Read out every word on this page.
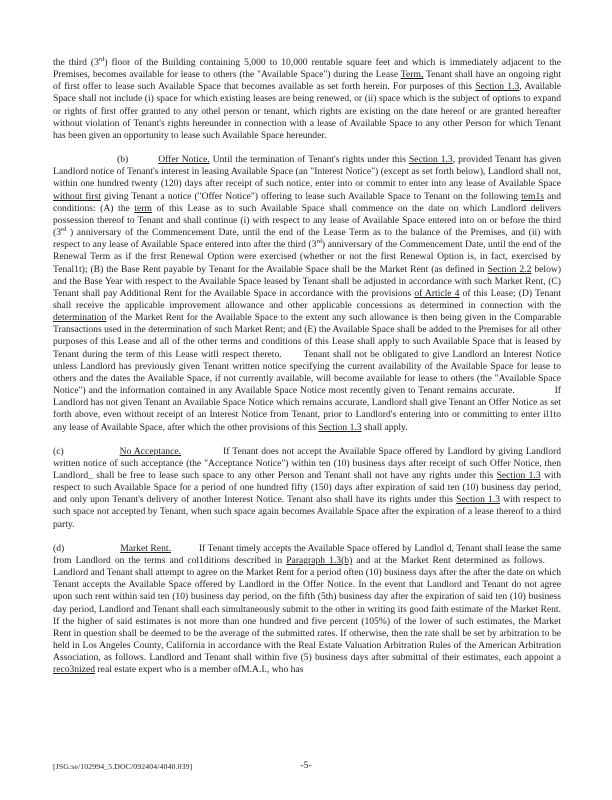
the third (3rd) floor of the Building containing 5,000 to 10,000 rentable square feet and which is immediately adjacent to the Premises, becomes available for lease to others (the "Available Space") during the Lease Term, Tenant shall have an ongoing right of first offer to lease such Available Space that becomes available as set forth herein. For purposes of this Section 1.3, Available Space shall not include (i) space for which existing leases are being renewed, or (ii) space which is the subject of options to expand or rights of first offer granted to any othel person or tenant, which rights are existing on the date hereof or are granted hereafter without violation of Tenant's rights hereunder in connection with a lease of Available Space to any other Person for which Tenant has been given an opportunity to lease such Available Space hereunder.

(b)	Offer Notice. Until the termination of Tenant's rights under this Section 1.3, provided Tenant has given Landlord notice of Tenant's interest in leasing Available Space (an "Interest Notice") (except as set forth below), Landlord shall not, within one hundred twenty (120) days after receipt of such notice, enter into or commit to enter into any lease of Available Space without first giving Tenant a notice ("Offer Notice") offering to lease such Available Space to Tenant on the following tem1s and conditions: (A) the term of this Lease as to such Available Space shall commence on the date on which Landlord delivers possession thereof to Tenant and shall continue (i) with respect to any lease of Available Space entered into on or before the third (3rd ) anniversary of the Commencement Date, until the end of the Lease Term as to the balance of the Premises, and (ii) with respect to any lease of Available Space entered into after the third (3rd) anniversary of the Commencement Date, until the end of the Renewal Term as if the frrst Renewal Option were exercised (whether or not the first Renewal Option is, in fact, exercised by Tenal1t); (B) the Base Rent payable by Tenant for the Available Space shall be the Market Rent (as defined in Section 2.2 below) and the Base Year with respect to the Available Space leased by Tenant shall be adjusted in accordance with such Market Rent, (C) Tenant shall pay Additional Rent for the Available Space in accordance with the provisions of Article 4 of this Lease; (D) Tenant shall receive the applicable improvement allowance and other applicable concessions as determined in connection with the determination of the Market Rent for the Available Space to the extent any such allowance is then being given in the Comparable Transactions used in the determination of such Market Rent; and (E) the Available Space shall be added to the Premises for all other purposes of this Lease and all of the other terms and conditions of this Lease shall apply to such Available Space that is leased by Tenant during the term of this Lease witll respect thereto. Tenant shall not be obligated to give Landlord an Interest Notice unless Landlord has previously given Tenant written notice specifying the current availability of the Available Space for lease to others and the dates the Available Space, if not currently available, will become available for lease to others (the "Available Space Notice") and the information contained in any Available Space Notice most recently given to Tenant remains accurate.	If Landlord has not given Tenant an Available Space Notice which remains accurate, Landlord shall give Tenant an Offer Notice as set forth above, even without receipt of an Interest Notice from Tenant, prior to Landlord's entering into or committing to enter il1to any lease of Available Space, after which the other provisions of this Section 1.3 shall apply.

(c)	No Acceptance.	If Tenant does not accept the Available Space offered by Landlord by giving Landlord written notice of such acceptance (the "Acceptance Notice") within ten (10) business days after receipt of such Offer Notice, then Landlord_ shall be free to lease such space to any other Person and Tenant shall not have any rights under this Section 1.3 with respect to such Available Space for a period of one hundred fifty (150) days after expiration of said ten (10) business day period, and only upon Tenant's delivery of another Interest Notice. Tenant also shall have its rights under this Section 1.3 with respect to such space not accepted by Tenant, when such space again becomes Available Space after the expiration of a lease thereof to a third party.

(d)	Market Rent.	If Tenant timely accepts the Available Space offered by Landlol d, Tenant shall lease the same from Landlord on the terms and col1ditions described in Paragraph 1.3(b) and at the Market Rent determined as follows.Landlord and Tenant shall attempt to agree on the Market Rent for a period often (10) business days after the after the date on which Tenant accepts the Available Space offered by Landlord in the Offer Notice. In the event that Landlord and Tenant do not agree upon such rent within said ten (10) business day period, on the fifth (5th) business day after the expiration of said ten (10) business day period, Landlord and Tenant shall each simultaneously submit to the other in writing its good faith estimate of the Market Rent. If the higher of said estimates is not more than one hundred and five percent (105%) of the lower of such estimates, the Market Rent in question shall be deemed to be the average of the submitted rates. If otherwise, then the rate shall be set by arbitration to be held in Los Angeles County, California in accordance with the Real Estate Valuation Arbitration Rules of the American Arbitration Association, as follows. Landlord and Tenant shall within five (5) business days after submittal of their estimates, each appoint a reco3nized real estate expert who is a member ofM.A.I., who has

-5-
[JSG:se/102994_5.DOC/092404/4040.039]
